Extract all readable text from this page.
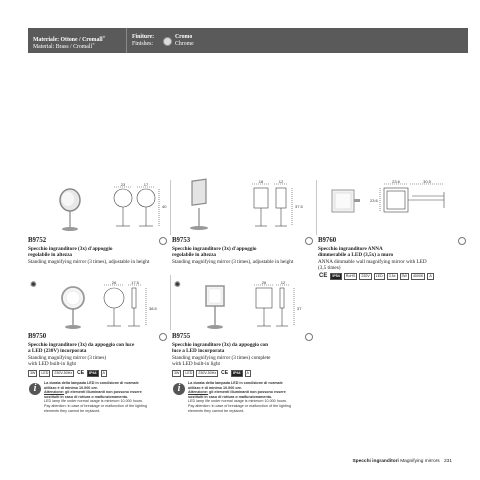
Materiale: Ottone / Cromall®
Material: Brass / Cromall®
Finiture:
Finishes:
Cromo
Chrome
23	17
40
18	12
37.5
23.6	30.5
23.6
B9752
Specchio ingranditore (3x) d'appoggio
regolabile in altezza
Standing magnifying mirror (3 times), adjustable in height
B9753
Specchio ingranditore (3x) d'appoggio
regolabile in altezza
Standing magnifying mirror (3 times), adjustable in height
B9760
Specchio ingranditore ANNA
dimmerabile a LED (3,5x) a muro
ANNA dimmable wall magnifying mirror with LED
(3,5 times)
CE	IP54	RoHS	230V	LED	3,5x	3W	4000K	A
✺	26	17.5
38.5
✺	26	12
37
B9750
Specchio ingranditore (3x) da appoggio con luce
a LED (230V) incorporata
Standing magnifying mirror (3 times)
with LED built-in light
3W	LED	230V-50Hz	CE	IP44	A
B9755
Specchio ingranditore (3x) da appoggio con
luce a LED incorporata
Standing magnifying mirror (3 times) complete
with LED built-in light
3W	LED	230V-50Hz	CE	IP44	A
i	La durata della lampada LED in condizione di normale
utilizzo è di minimo 10.000 ore.
Attenzione: gli elementi illuminanti non possono essere
sostituiti in caso di rottura o malfunzionamento.
LED lamp life under normal usage is minimum 10.000 hours.
Pay attention: in case of breakage or malfunction of the lighting
elements they cannot be replaced.
i	La durata della lampada LED in condizione di normale
utilizzo è di minimo 10.000 ore.
Attenzione: gli elementi illuminanti non possono essere
sostituiti in caso di rottura o malfunzionamento.
LED lamp life under normal usage is minimum 10.000 hours.
Pay attention: in case of breakage or malfunction of the lighting
elements they cannot be replaced.
Specchi ingranditori Magnifying mirrors 231
